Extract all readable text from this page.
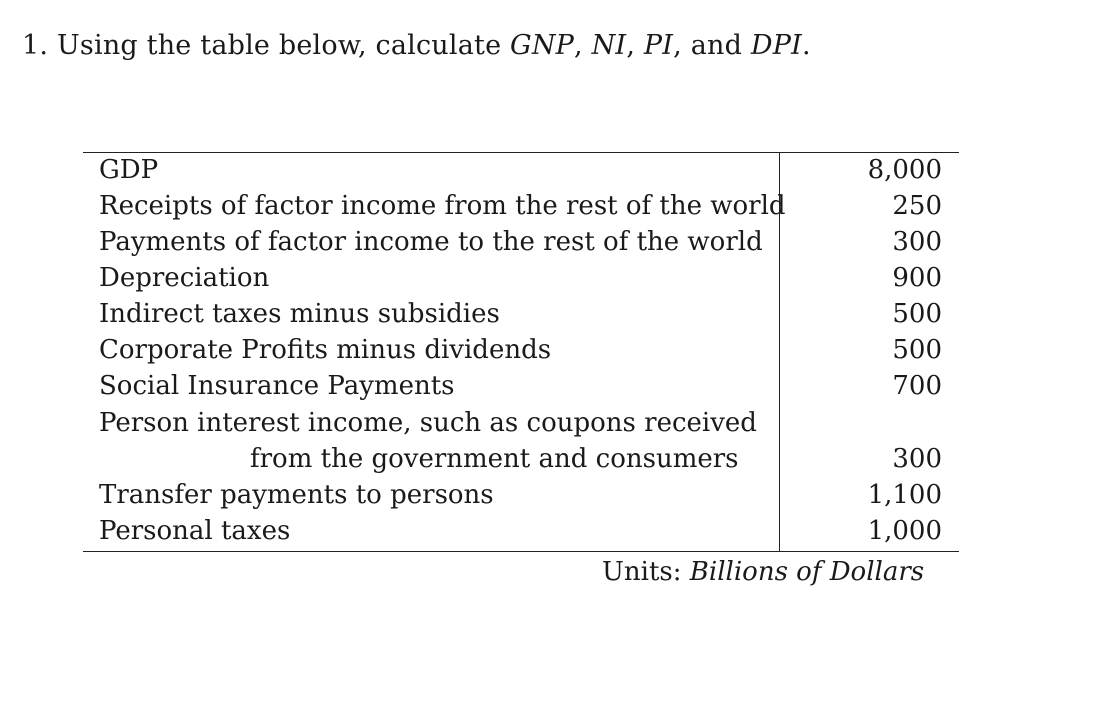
1. Using the table below, calculate GNP, NI, PI, and DPI.
GDP	8,000
Receipts of factor income from the rest of the world	250
Payments of factor income to the rest of the world	300
Depreciation	900
Indirect taxes minus subsidies	500
Corporate Profits minus dividends	500
Social Insurance Payments	700
Person interest income, such as coupons received
from the government and consumers	300
Transfer payments to persons	1,100
Personal taxes	1,000
Units: Billions of Dollars
